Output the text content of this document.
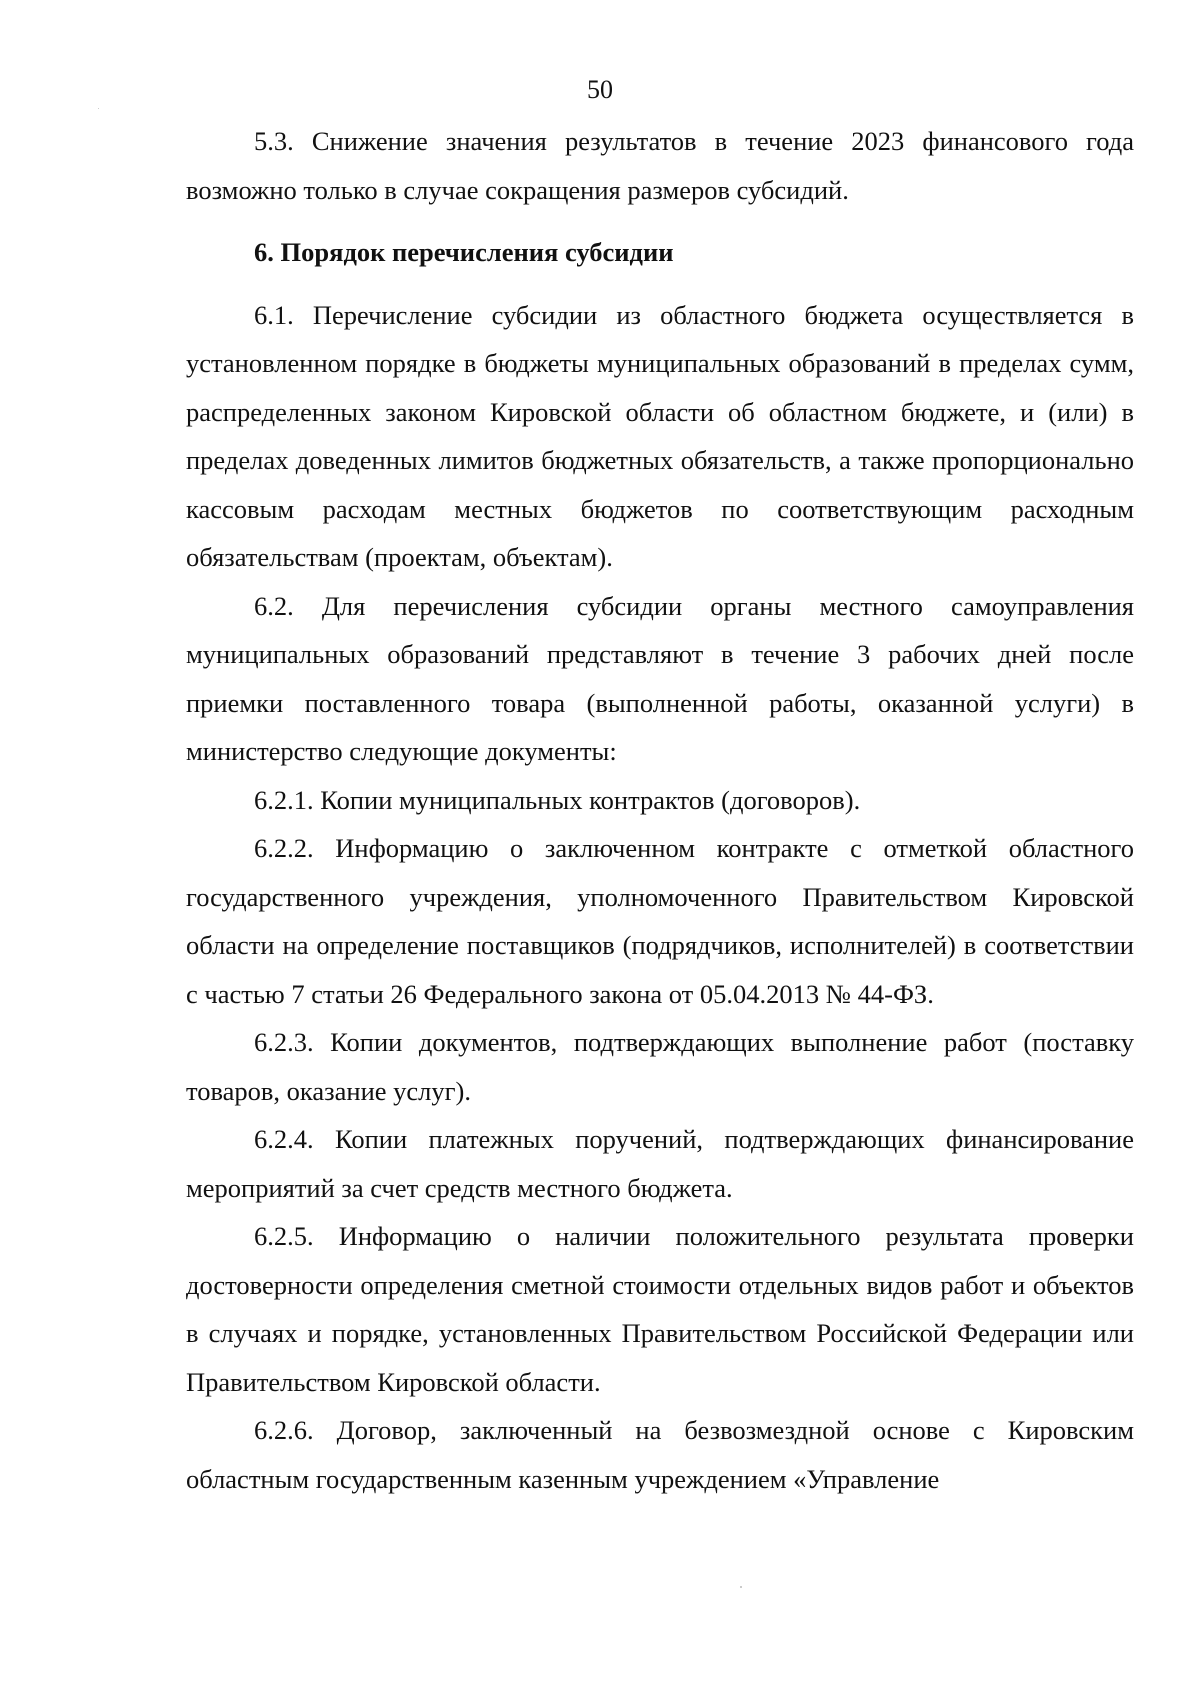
50

5.3. Снижение значения результатов в течение 2023 финансового года возможно только в случае сокращения размеров субсидий.

6. Порядок перечисления субсидии

6.1. Перечисление субсидии из областного бюджета осуществляется в установленном порядке в бюджеты муниципальных образований в пределах сумм, распределенных законом Кировской области об областном бюджете, и (или) в пределах доведенных лимитов бюджетных обязательств, а также пропорционально кассовым расходам местных бюджетов по соответствующим расходным обязательствам (проектам, объектам).

6.2. Для перечисления субсидии органы местного самоуправления муниципальных образований представляют в течение 3 рабочих дней после приемки поставленного товара (выполненной работы, оказанной услуги) в министерство следующие документы:

6.2.1. Копии муниципальных контрактов (договоров).

6.2.2. Информацию о заключенном контракте с отметкой областного государственного учреждения, уполномоченного Правительством Кировской области на определение поставщиков (подрядчиков, исполнителей) в соответствии с частью 7 статьи 26 Федерального закона от 05.04.2013 № 44-ФЗ.

6.2.3. Копии документов, подтверждающих выполнение работ (поставку товаров, оказание услуг).

6.2.4. Копии платежных поручений, подтверждающих финансирование мероприятий за счет средств местного бюджета.

6.2.5. Информацию о наличии положительного результата проверки достоверности определения сметной стоимости отдельных видов работ и объектов в случаях и порядке, установленных Правительством Российской Федерации или Правительством Кировской области.

6.2.6. Договор, заключенный на безвозмездной основе с Кировским областным государственным казенным учреждением «Управление
